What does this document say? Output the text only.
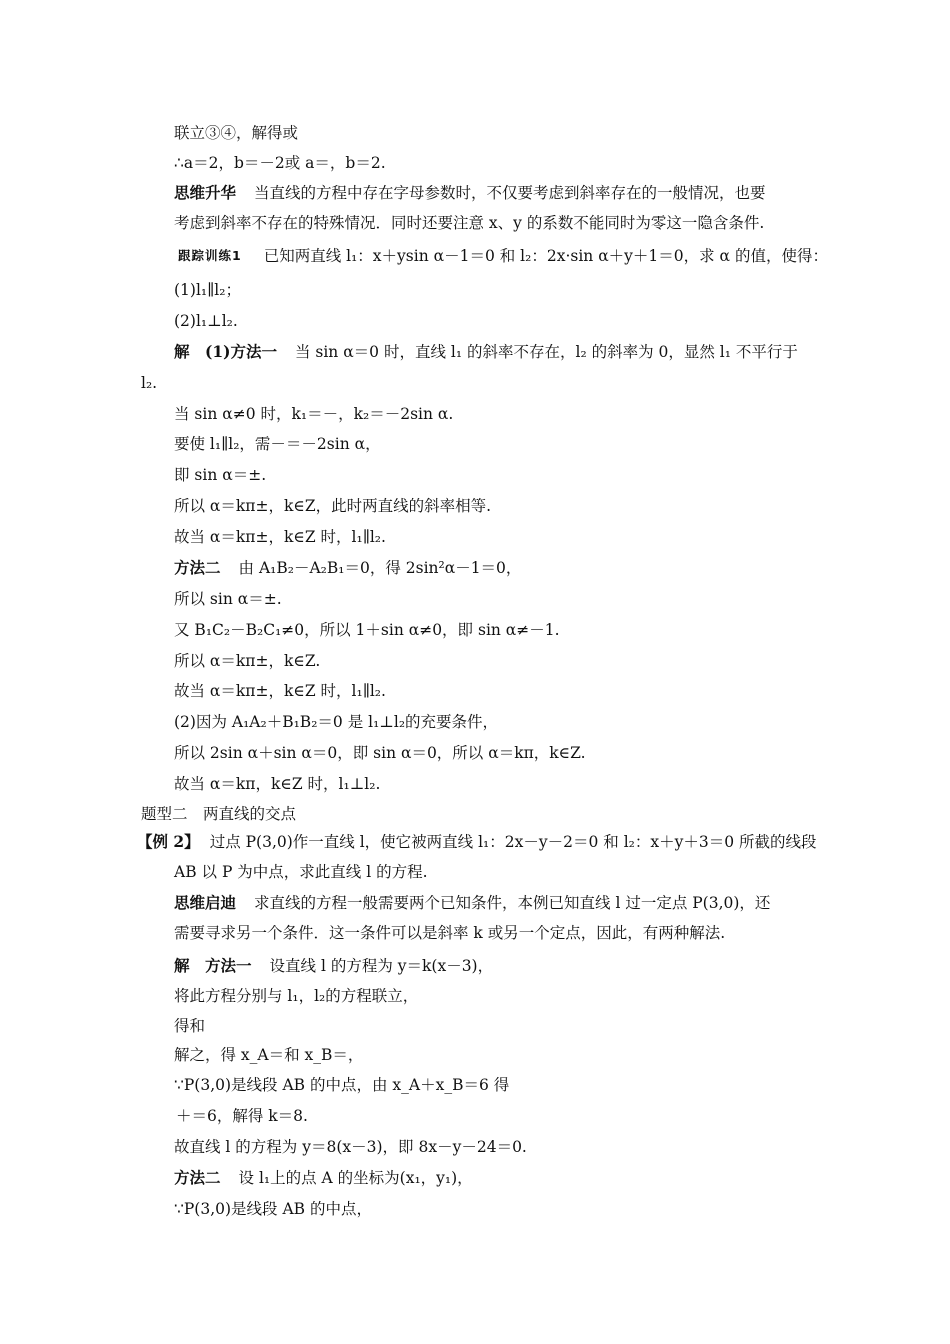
联立③④，解得或
∴a＝2，b＝－2或 a＝，b＝2.
思维升华 当直线的方程中存在字母参数时，不仅要考虑到斜率存在的一般情况，也要
考虑到斜率不存在的特殊情况．同时还要注意 x、y 的系数不能同时为零这一隐含条件.
跟踪训练1 已知两直线 l₁：x＋ysin α－1＝0 和 l₂：2x·sin α＋y＋1＝0，求 α 的值，使得：
(1)l₁∥l₂；
(2)l₁⊥l₂.
解　(1)方法一 当 sin α＝0 时，直线 l₁ 的斜率不存在，l₂ 的斜率为 0，显然 l₁ 不平行于
l₂.
当 sin α≠0 时，k₁＝－，k₂＝－2sin α.
要使 l₁∥l₂，需－＝－2sin α，
即 sin α＝±.
所以 α＝kπ±，k∈Z，此时两直线的斜率相等.
故当 α＝kπ±，k∈Z 时，l₁∥l₂.
方法二 由 A₁B₂－A₂B₁＝0，得 2sin²α－1＝0，
所以 sin α＝±.
又 B₁C₂－B₂C₁≠0，所以 1＋sin α≠0，即 sin α≠－1.
所以 α＝kπ±，k∈Z.
故当 α＝kπ±，k∈Z 时，l₁∥l₂.
(2)因为 A₁A₂＋B₁B₂＝0 是 l₁⊥l₂的充要条件，
所以 2sin α＋sin α＝0，即 sin α＝0，所以 α＝kπ，k∈Z.
故当 α＝kπ，k∈Z 时，l₁⊥l₂.
题型二　两直线的交点
【例 2】 过点 P(3,0)作一直线 l，使它被两直线 l₁：2x－y－2＝0 和 l₂：x＋y＋3＝0 所截的线段
AB 以 P 为中点，求此直线 l 的方程.
思维启迪 求直线的方程一般需要两个已知条件，本例已知直线 l 过一定点 P(3,0)，还
需要寻求另一个条件．这一条件可以是斜率 k 或另一个定点，因此，有两种解法.
解　方法一 设直线 l 的方程为 y＝k(x－3)，
将此方程分别与 l₁，l₂的方程联立，
得和
解之，得 x_A＝和 x_B＝，
∵P(3,0)是线段 AB 的中点，由 x_A＋x_B＝6 得
＋＝6，解得 k＝8.
故直线 l 的方程为 y＝8(x－3)，即 8x－y－24＝0.
方法二 设 l₁上的点 A 的坐标为(x₁，y₁)，
∵P(3,0)是线段 AB 的中点，
